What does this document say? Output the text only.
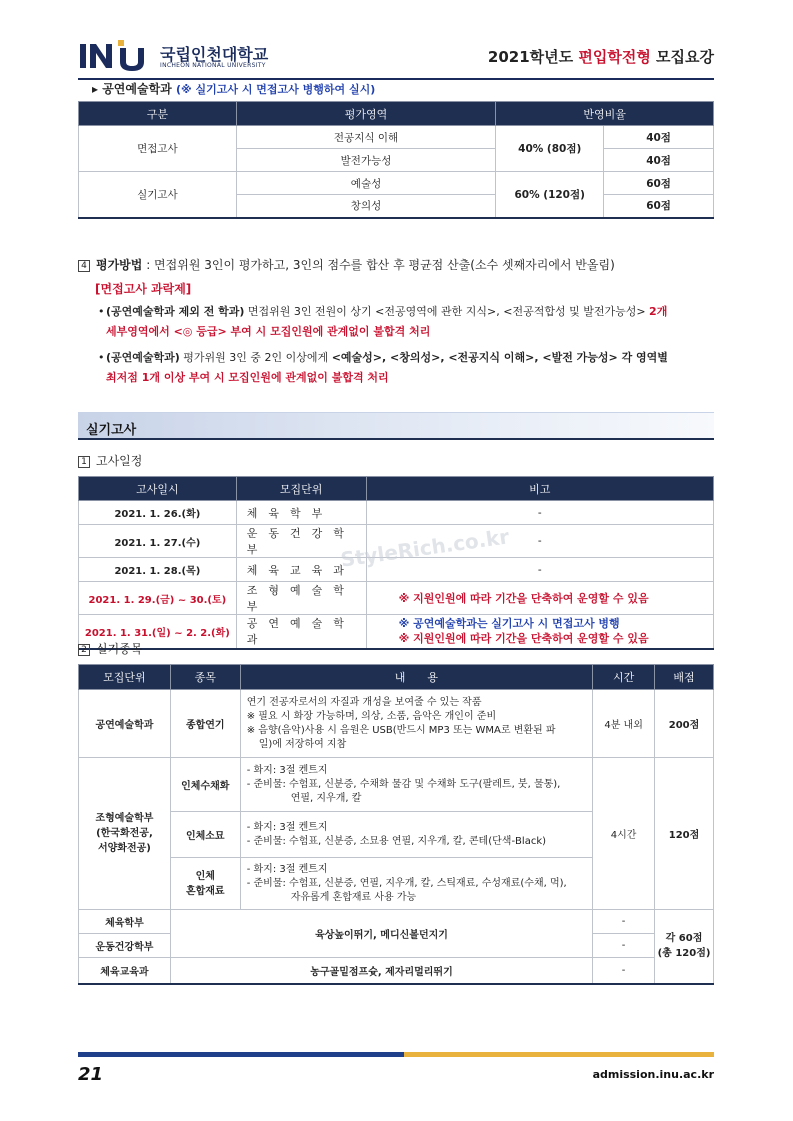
국립인천대학교
INCHEON NATIONAL UNIVERSITY	2021학년도 편입학전형 모집요강
▸ 공연예술학과 (※ 실기고사 시 면접고사 병행하여 실시)
구분	평가영역	반영비율	
면접고사	전공지식 이해	40% (80점)	40점
	발전가능성		40점
실기고사	예술성	60% (120점)	60점
	창의성		60점
4 평가방법 : 면접위원 3인이 평가하고, 3인의 점수를 합산 후 평균점 산출(소수 셋째자리에서 반올림)
[면접고사 과락제]
• (공연예술학과 제외 전 학과) 면접위원 3인 전원이 상기 <전공영역에 관한 지식>, <전공적합성 및 발전가능성> 2개
세부영역에서 <◎ 등급> 부여 시 모집인원에 관계없이 불합격 처리
• (공연예술학과) 평가위원 3인 중 2인 이상에게 <예술성>, <창의성>, <전공지식 이해>, <발전 가능성> 각 영역별
최저점 1개 이상 부여 시 모집인원에 관계없이 불합격 처리
실기고사
1 고사일정
고사일시	모집단위	비고
2021. 1. 26.(화)	체육학부	-
2021. 1. 27.(수)	운동건강학부	-
2021. 1. 28.(목)	체육교육과	-
2021. 1. 29.(금) ~ 30.(토)	조형예술학부	※ 지원인원에 따라 기간을 단축하여 운영할 수 있음
2021. 1. 31.(일) ~ 2. 2.(화)	공연예술학과	※ 공연예술학과는 실기고사 시 면접고사 병행
※ 지원인원에 따라 기간을 단축하여 운영할 수 있음
StyleRich.co.kr
2 실기종목
모집단위	종목	내　　용	시간	배점
공연예술학과	종합연기	연기 전공자로서의 자질과 개성을 보여줄 수 있는 작품
※ 필요 시 화장 가능하며, 의상, 소품, 음악은 개인이 준비
※ 음향(음악)사용 시 음원은 USB(반드시 MP3 또는 WMA로 변환된 파
일)에 저장하여 지참	4분 내외	200점
조형예술학부
(한국화전공,
서양화전공)	인체수채화	- 화지: 3절 켄트지
- 준비물: 수험표, 신분증, 수채화 물감 및 수채화 도구(팔레트, 붓, 물통),
연필, 지우개, 칼	4시간	120점
	인체소묘	- 화지: 3절 켄트지
- 준비물: 수험표, 신분증, 소묘용 연필, 지우개, 칼, 콘테(단색-Black)		

	인체
혼합재료	- 화지: 3절 켄트지
- 준비물: 수험표, 신분증, 연필, 지우개, 칼, 스틱재료, 수성재료(수채, 먹),
자유롭게 혼합재료 사용 가능		

체육학부	육상높이뛰기, 메디신볼던지기		-	각 60점
(총 120점)
운동건강학부			-	
체육교육과	농구골밑점프슛, 제자리멀리뛰기		-	
21	admission.inu.ac.kr
